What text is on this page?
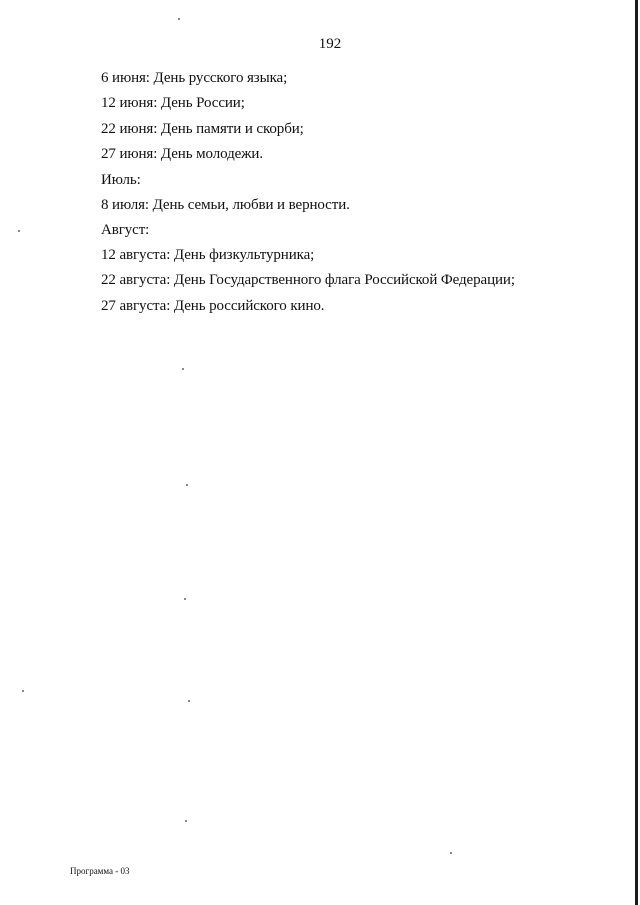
192
6 июня: День русского языка;
12 июня: День России;
22 июня: День памяти и скорби;
27 июня: День молодежи.
Июль:
8 июля: День семьи, любви и верности.
Август:
12 августа: День физкультурника;
22 августа: День Государственного флага Российской Федерации;
27 августа: День российского кино.
Программа - 03
